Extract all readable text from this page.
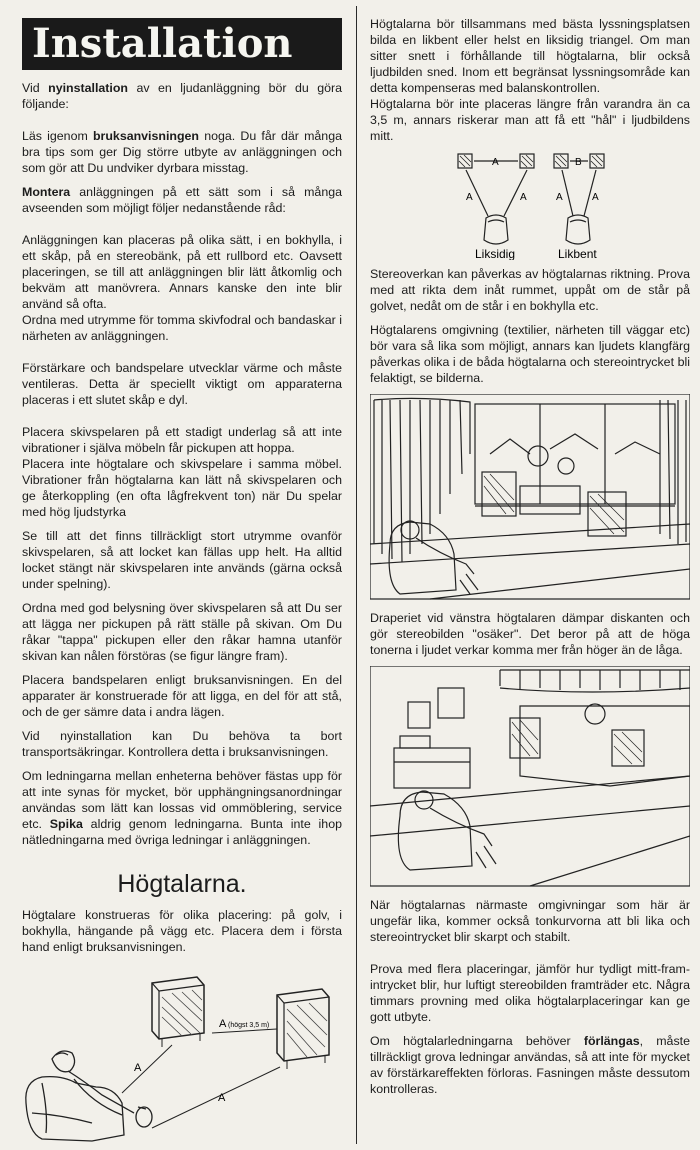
Installation

Vid nyinstallation av en ljudanläggning bör du göra följande:

Läs igenom bruksanvisningen noga. Du får där många bra tips som ger Dig större utbyte av anläggningen och som gör att Du undviker dyrbara misstag.

Montera anläggningen på ett sätt som i så många avseenden som möjligt följer nedanstående råd:

Anläggningen kan placeras på olika sätt, i en bokhylla, i ett skåp, på en stereobänk, på ett rullbord etc. Oavsett placeringen, se till att anläggningen blir lätt åtkomlig och bekväm att manövrera. Annars kanske den inte blir använd så ofta.

Ordna med utrymme för tomma skivfodral och bandaskar i närheten av anläggningen.

Förstärkare och bandspelare utvecklar värme och måste ventileras. Detta är speciellt viktigt om apparaterna placeras i ett slutet skåp e dyl.

Placera skivspelaren på ett stadigt underlag så att inte vibrationer i själva möbeln får pickupen att hoppa.

Placera inte högtalare och skivspelare i samma möbel. Vibrationer från högtalarna kan lätt nå skivspelaren och ge återkoppling (en ofta lågfrekvent ton) när Du spelar med hög ljudstyrka

Se till att det finns tillräckligt stort utrymme ovanför skivspelaren, så att locket kan fällas upp helt. Ha alltid locket stängt när skivspelaren inte används (gärna också under spelning).

Ordna med god belysning över skivspelaren så att Du ser att lägga ner pickupen på rätt ställe på skivan. Om Du råkar "tappa" pickupen eller den råkar hamna utanför skivan kan nålen förstöras (se figur längre fram).

Placera bandspelaren enligt bruksanvisningen. En del apparater är konstruerade för att ligga, en del för att stå, och de ger sämre data i andra lägen.

Vid nyinstallation kan Du behöva ta bort transportsäkringar. Kontrollera detta i bruksanvisningen.

Om ledningarna mellan enheterna behöver fästas upp för att inte synas för mycket, bör upphängningsanordningar användas som lätt kan lossas vid ommöblering, service etc. Spika aldrig genom ledningarna. Bunta inte ihop nätledningarna med övriga ledningar i anläggningen.

Högtalarna.

Högtalare konstrueras för olika placering: på golv, i bokhylla, hängande på vägg etc. Placera dem i första hand enligt bruksanvisningen.

A
A (högst 3,5 m)
A

Högtalarna bör tillsammans med bästa lyssningsplatsen bilda en likbent eller helst en liksidig triangel. Om man sitter snett i förhållande till högtalarna, blir också ljudbilden sned. Inom ett begränsat lyssningsområde kan detta kompenseras med balanskontrollen.

Högtalarna bör inte placeras längre från varandra än ca 3,5 m, annars riskerar man att få ett "hål" i ljudbildens mitt.

A
A	A
B
A	A
Liksidig	Likbent

Stereoverkan kan påverkas av högtalarnas riktning. Prova med att rikta dem inåt rummet, uppåt om de står på golvet, nedåt om de står i en bokhylla etc.

Högtalarens omgivning (textilier, närheten till väggar etc) bör vara så lika som möjligt, annars kan ljudets klangfärg påverkas olika i de båda högtalarna och stereointrycket bli felaktigt, se bilderna.

Draperiet vid vänstra högtalaren dämpar diskanten och gör stereobilden "osäker". Det beror på att de höga tonerna i ljudet verkar komma mer från höger än de låga.

När högtalarnas närmaste omgivningar som här är ungefär lika, kommer också tonkurvorna att bli lika och stereointrycket blir skarpt och stabilt.

Prova med flera placeringar, jämför hur tydligt mitt-fram-intrycket blir, hur luftigt stereobilden framträder etc. Några timmars provning med olika högtalarplaceringar kan ge gott utbyte.

Om högtalarledningarna behöver förlängas, måste tillräckligt grova ledningar användas, så att inte för mycket av förstärkareffekten förloras. Fasningen måste dessutom kontrolleras.
